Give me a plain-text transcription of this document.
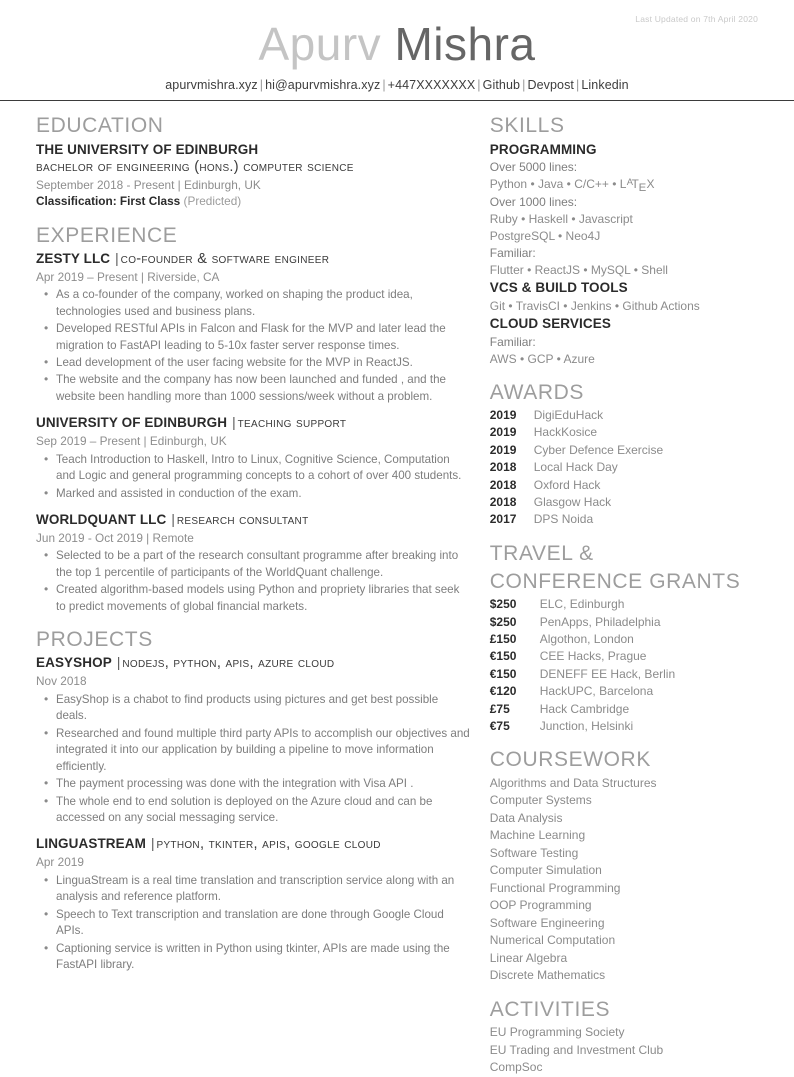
Last Updated on 7th April 2020
Apurv Mishra
apurvmishra.xyz | hi@apurvmishra.xyz | +447XXXXXXX | Github | Devpost | Linkedin
EDUCATION
THE UNIVERSITY OF EDINBURGH
bachelor of engineering (hons.) computer science
September 2018 - Present | Edinburgh, UK
Classification: First Class (Predicted)
EXPERIENCE
ZESTY LLC | co-founder & software engineer
Apr 2019 – Present | Riverside, CA
• As a co-founder of the company, worked on shaping the product idea, technologies used and business plans.
• Developed RESTful APIs in Falcon and Flask for the MVP and later lead the migration to FastAPI leading to 5-10x faster server response times.
• Lead development of the user facing website for the MVP in ReactJS.
• The website and the company has now been launched and funded , and the website been handling more than 1000 sessions/week without a problem.
UNIVERSITY OF EDINBURGH | teaching support
Sep 2019 – Present | Edinburgh, UK
• Teach Introduction to Haskell, Intro to Linux, Cognitive Science, Computation and Logic and general programming concepts to a cohort of over 400 students.
• Marked and assisted in conduction of the exam.
WORLDQUANT LLC | research consultant
Jun 2019 - Oct 2019 | Remote
• Selected to be a part of the research consultant programme after breaking into the top 1 percentile of participants of the WorldQuant challenge.
• Created algorithm-based models using Python and propriety libraries that seek to predict movements of global financial markets.
PROJECTS
EASYSHOP | nodejs, python, apis, azure cloud
Nov 2018
• EasyShop is a chabot to find products using pictures and get best possible deals.
• Researched and found multiple third party APIs to accomplish our objectives and integrated it into our application by building a pipeline to move information efficiently.
• The payment processing was done with the integration with Visa API .
• The whole end to end solution is deployed on the Azure cloud and can be accessed on any social messaging service.
LINGUASTREAM | python, tkinter, apis, google cloud
Apr 2019
• LinguaStream is a real time translation and transcription service along with an analysis and reference platform.
• Speech to Text transcription and translation are done through Google Cloud APIs.
• Captioning service is written in Python using tkinter, APIs are made using the FastAPI library.
SKILLS
PROGRAMMING
Over 5000 lines:
Python • Java • C/C++ • $L^ATEX$
Over 1000 lines:
Ruby • Haskell • Javascript
PostgreSQL • Neo4J
Familiar:
Flutter • ReactJS • MySQL • Shell
VCS & BUILD TOOLS
Git • TravisCI • Jenkins • Github Actions
CLOUD SERVICES
Familiar:
AWS • GCP • Azure
AWARDS
2019	DigiEduHack
2019	HackKosice
2019	Cyber Defence Exercise
2018	Local Hack Day
2018	Oxford Hack
2018	Glasgow Hack
2017	DPS Noida
TRAVEL &
CONFERENCE GRANTS
$250	ELC, Edinburgh
$250	PenApps, Philadelphia
£150	Algothon, London
€150	CEE Hacks, Prague
€150	DENEFF EE Hack, Berlin
€120	HackUPC, Barcelona
£75	Hack Cambridge
€75	Junction, Helsinki
COURSEWORK

Algorithms and Data Structures

Computer Systems

Data Analysis

Machine Learning

Software Testing

Computer Simulation

Functional Programming

OOP Programming

Software Engineering

Numerical Computation

Linear Algebra

Discrete Mathematics

ACTIVITIES

EU Programming Society

EU Trading and Investment Club

CompSoc
